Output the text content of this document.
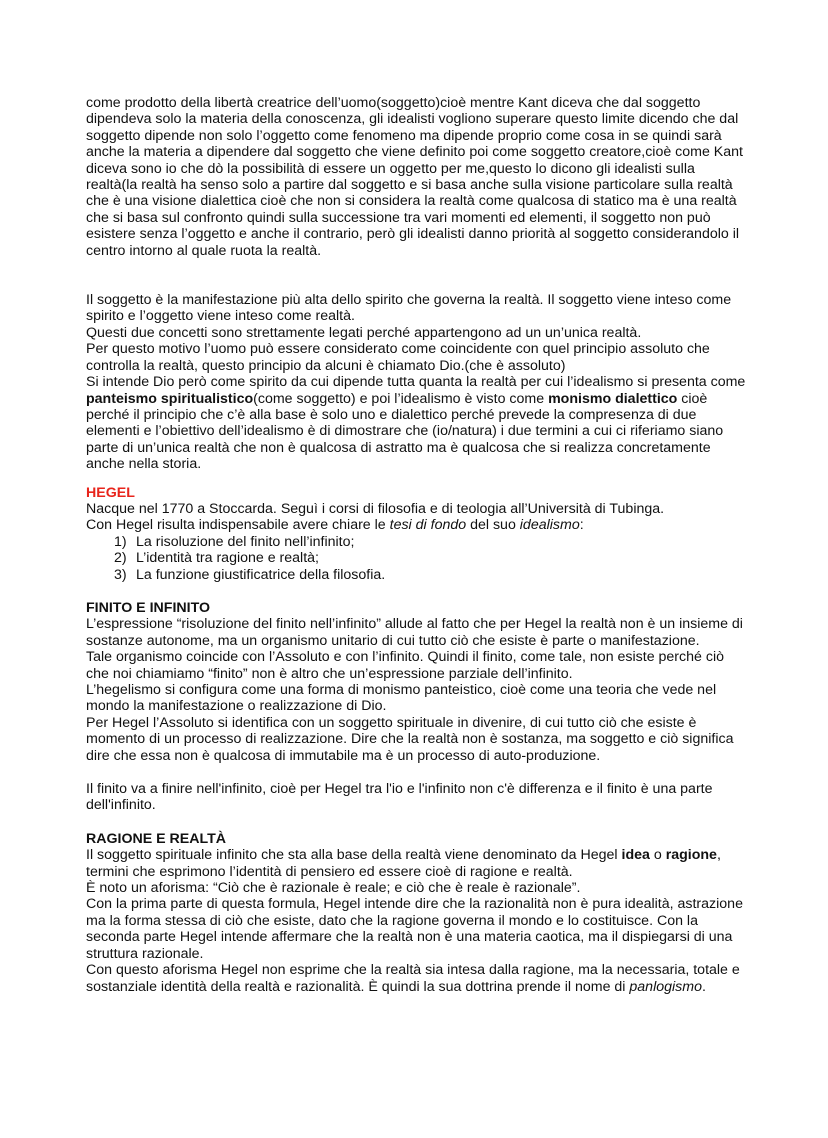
come prodotto della libertà creatrice dell’uomo(soggetto)cioè mentre Kant diceva che dal soggetto dipendeva solo la materia della conoscenza, gli idealisti vogliono superare questo limite dicendo che dal soggetto dipende non solo l’oggetto come fenomeno ma dipende proprio come cosa in se quindi sarà anche la materia a dipendere dal soggetto che viene definito poi come soggetto creatore,cioè come Kant diceva sono io che dò la possibilità di essere un oggetto per me,questo lo dicono gli idealisti sulla realtà(la realtà ha senso solo a partire dal soggetto e si basa anche sulla visione particolare sulla realtà che è una visione dialettica cioè che non si considera la realtà come qualcosa di statico ma è una realtà che si basa sul confronto quindi sulla successione tra vari momenti ed elementi, il soggetto non può esistere senza l’oggetto e anche il contrario, però gli idealisti danno priorità al soggetto considerandolo il centro intorno al quale ruota la realtà.

Il soggetto è la manifestazione più alta dello spirito che governa la realtà. Il soggetto viene inteso come spirito e l’oggetto viene inteso come realtà.

Questi due concetti sono strettamente legati perché appartengono ad un un’unica realtà.

Per questo motivo l’uomo può essere considerato come coincidente con quel principio assoluto che controlla la realtà, questo principio da alcuni è chiamato Dio.(che è assoluto)

Si intende Dio però come spirito da cui dipende tutta quanta la realtà per cui l’idealismo si presenta come panteismo spiritualistico(come soggetto) e poi l’idealismo è visto come monismo dialettico cioè perché il principio che c’è alla base è solo uno e dialettico perché prevede la compresenza di due elementi e l’obiettivo dell’idealismo è di dimostrare che (io/natura) i due termini a cui ci riferiamo siano parte di un’unica realtà che non è qualcosa di astratto ma è qualcosa che si realizza concretamente anche nella storia.

HEGEL

Nacque nel 1770 a Stoccarda. Seguì i corsi di filosofia e di teologia all’Università di Tubinga.

Con Hegel risulta indispensabile avere chiare le tesi di fondo del suo idealismo:

1) La risoluzione del finito nell’infinito;
2) L’identità tra ragione e realtà;
3) La funzione giustificatrice della filosofia.

FINITO E INFINITO

L’espressione “risoluzione del finito nell’infinito” allude al fatto che per Hegel la realtà non è un insieme di sostanze autonome, ma un organismo unitario di cui tutto ciò che esiste è parte o manifestazione.

Tale organismo coincide con l’Assoluto e con l’infinito. Quindi il finito, come tale, non esiste perché ciò che noi chiamiamo “finito” non è altro che un’espressione parziale dell’infinito.

L’hegelismo si configura come una forma di monismo panteistico, cioè come una teoria che vede nel mondo la manifestazione o realizzazione di Dio.

Per Hegel l’Assoluto si identifica con un soggetto spirituale in divenire, di cui tutto ciò che esiste è momento di un processo di realizzazione. Dire che la realtà non è sostanza, ma soggetto e ciò significa dire che essa non è qualcosa di immutabile ma è un processo di auto-produzione.

Il finito va a finire nell'infinito, cioè per Hegel tra l'io e l'infinito non c'è differenza e il finito è una parte dell'infinito.

RAGIONE E REALTÀ

Il soggetto spirituale infinito che sta alla base della realtà viene denominato da Hegel idea o ragione, termini che esprimono l’identità di pensiero ed essere cioè di ragione e realtà.

È noto un aforisma: “Ciò che è razionale è reale; e ciò che è reale è razionale”.

Con la prima parte di questa formula, Hegel intende dire che la razionalità non è pura idealità, astrazione ma la forma stessa di ciò che esiste, dato che la ragione governa il mondo e lo costituisce. Con la seconda parte Hegel intende affermare che la realtà non è una materia caotica, ma il dispiegarsi di una struttura razionale.

Con questo aforisma Hegel non esprime che la realtà sia intesa dalla ragione, ma la necessaria, totale e sostanziale identità della realtà e razionalità. È quindi la sua dottrina prende il nome di panlogismo.
